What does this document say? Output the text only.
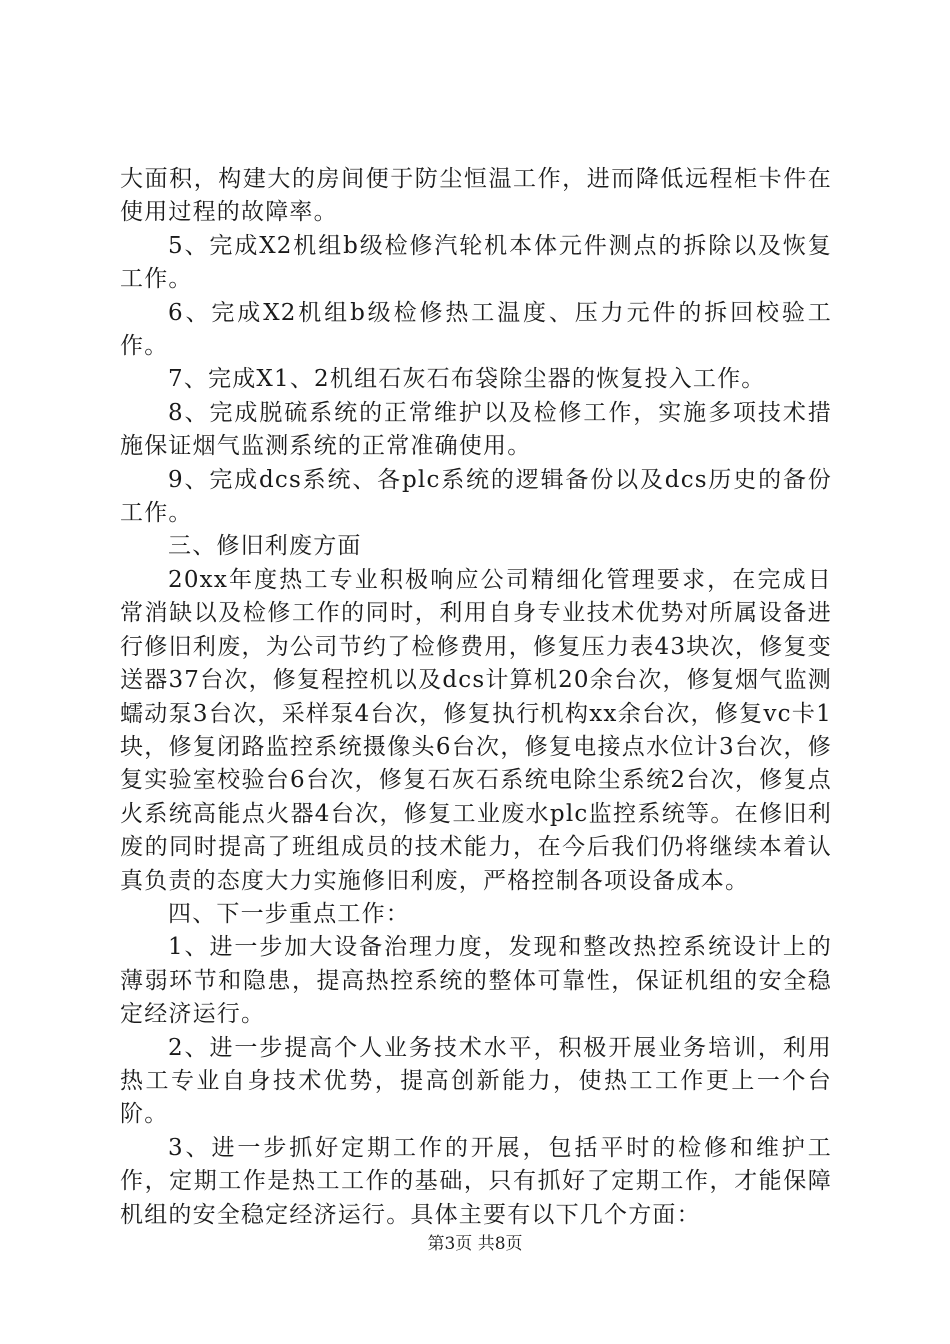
大面积，构建大的房间便于防尘恒温工作，进而降低远程柜卡件在使用过程的故障率。

5、完成X2机组b级检修汽轮机本体元件测点的拆除以及恢复工作。

6、完成X2机组b级检修热工温度、压力元件的拆回校验工作。

7、完成X1、2机组石灰石布袋除尘器的恢复投入工作。

8、完成脱硫系统的正常维护以及检修工作，实施多项技术措施保证烟气监测系统的正常准确使用。

9、完成dcs系统、各plc系统的逻辑备份以及dcs历史的备份工作。

三、修旧利废方面

20xx年度热工专业积极响应公司精细化管理要求，在完成日常消缺以及检修工作的同时，利用自身专业技术优势对所属设备进行修旧利废，为公司节约了检修费用，修复压力表43块次，修复变送器37台次，修复程控机以及dcs计算机20余台次，修复烟气监测蠕动泵3台次，采样泵4台次，修复执行机构xx余台次，修复vc卡1块，修复闭路监控系统摄像头6台次，修复电接点水位计3台次，修复实验室校验台6台次，修复石灰石系统电除尘系统2台次，修复点火系统高能点火器4台次，修复工业废水plc监控系统等。在修旧利废的同时提高了班组成员的技术能力，在今后我们仍将继续本着认真负责的态度大力实施修旧利废，严格控制各项设备成本。

四、下一步重点工作：

1、进一步加大设备治理力度，发现和整改热控系统设计上的薄弱环节和隐患，提高热控系统的整体可靠性，保证机组的安全稳定经济运行。

2、进一步提高个人业务技术水平，积极开展业务培训，利用热工专业自身技术优势，提高创新能力，使热工工作更上一个台阶。

3、进一步抓好定期工作的开展，包括平时的检修和维护工作，定期工作是热工工作的基础，只有抓好了定期工作，才能保障机组的安全稳定经济运行。具体主要有以下几个方面：

第3页 共8页
